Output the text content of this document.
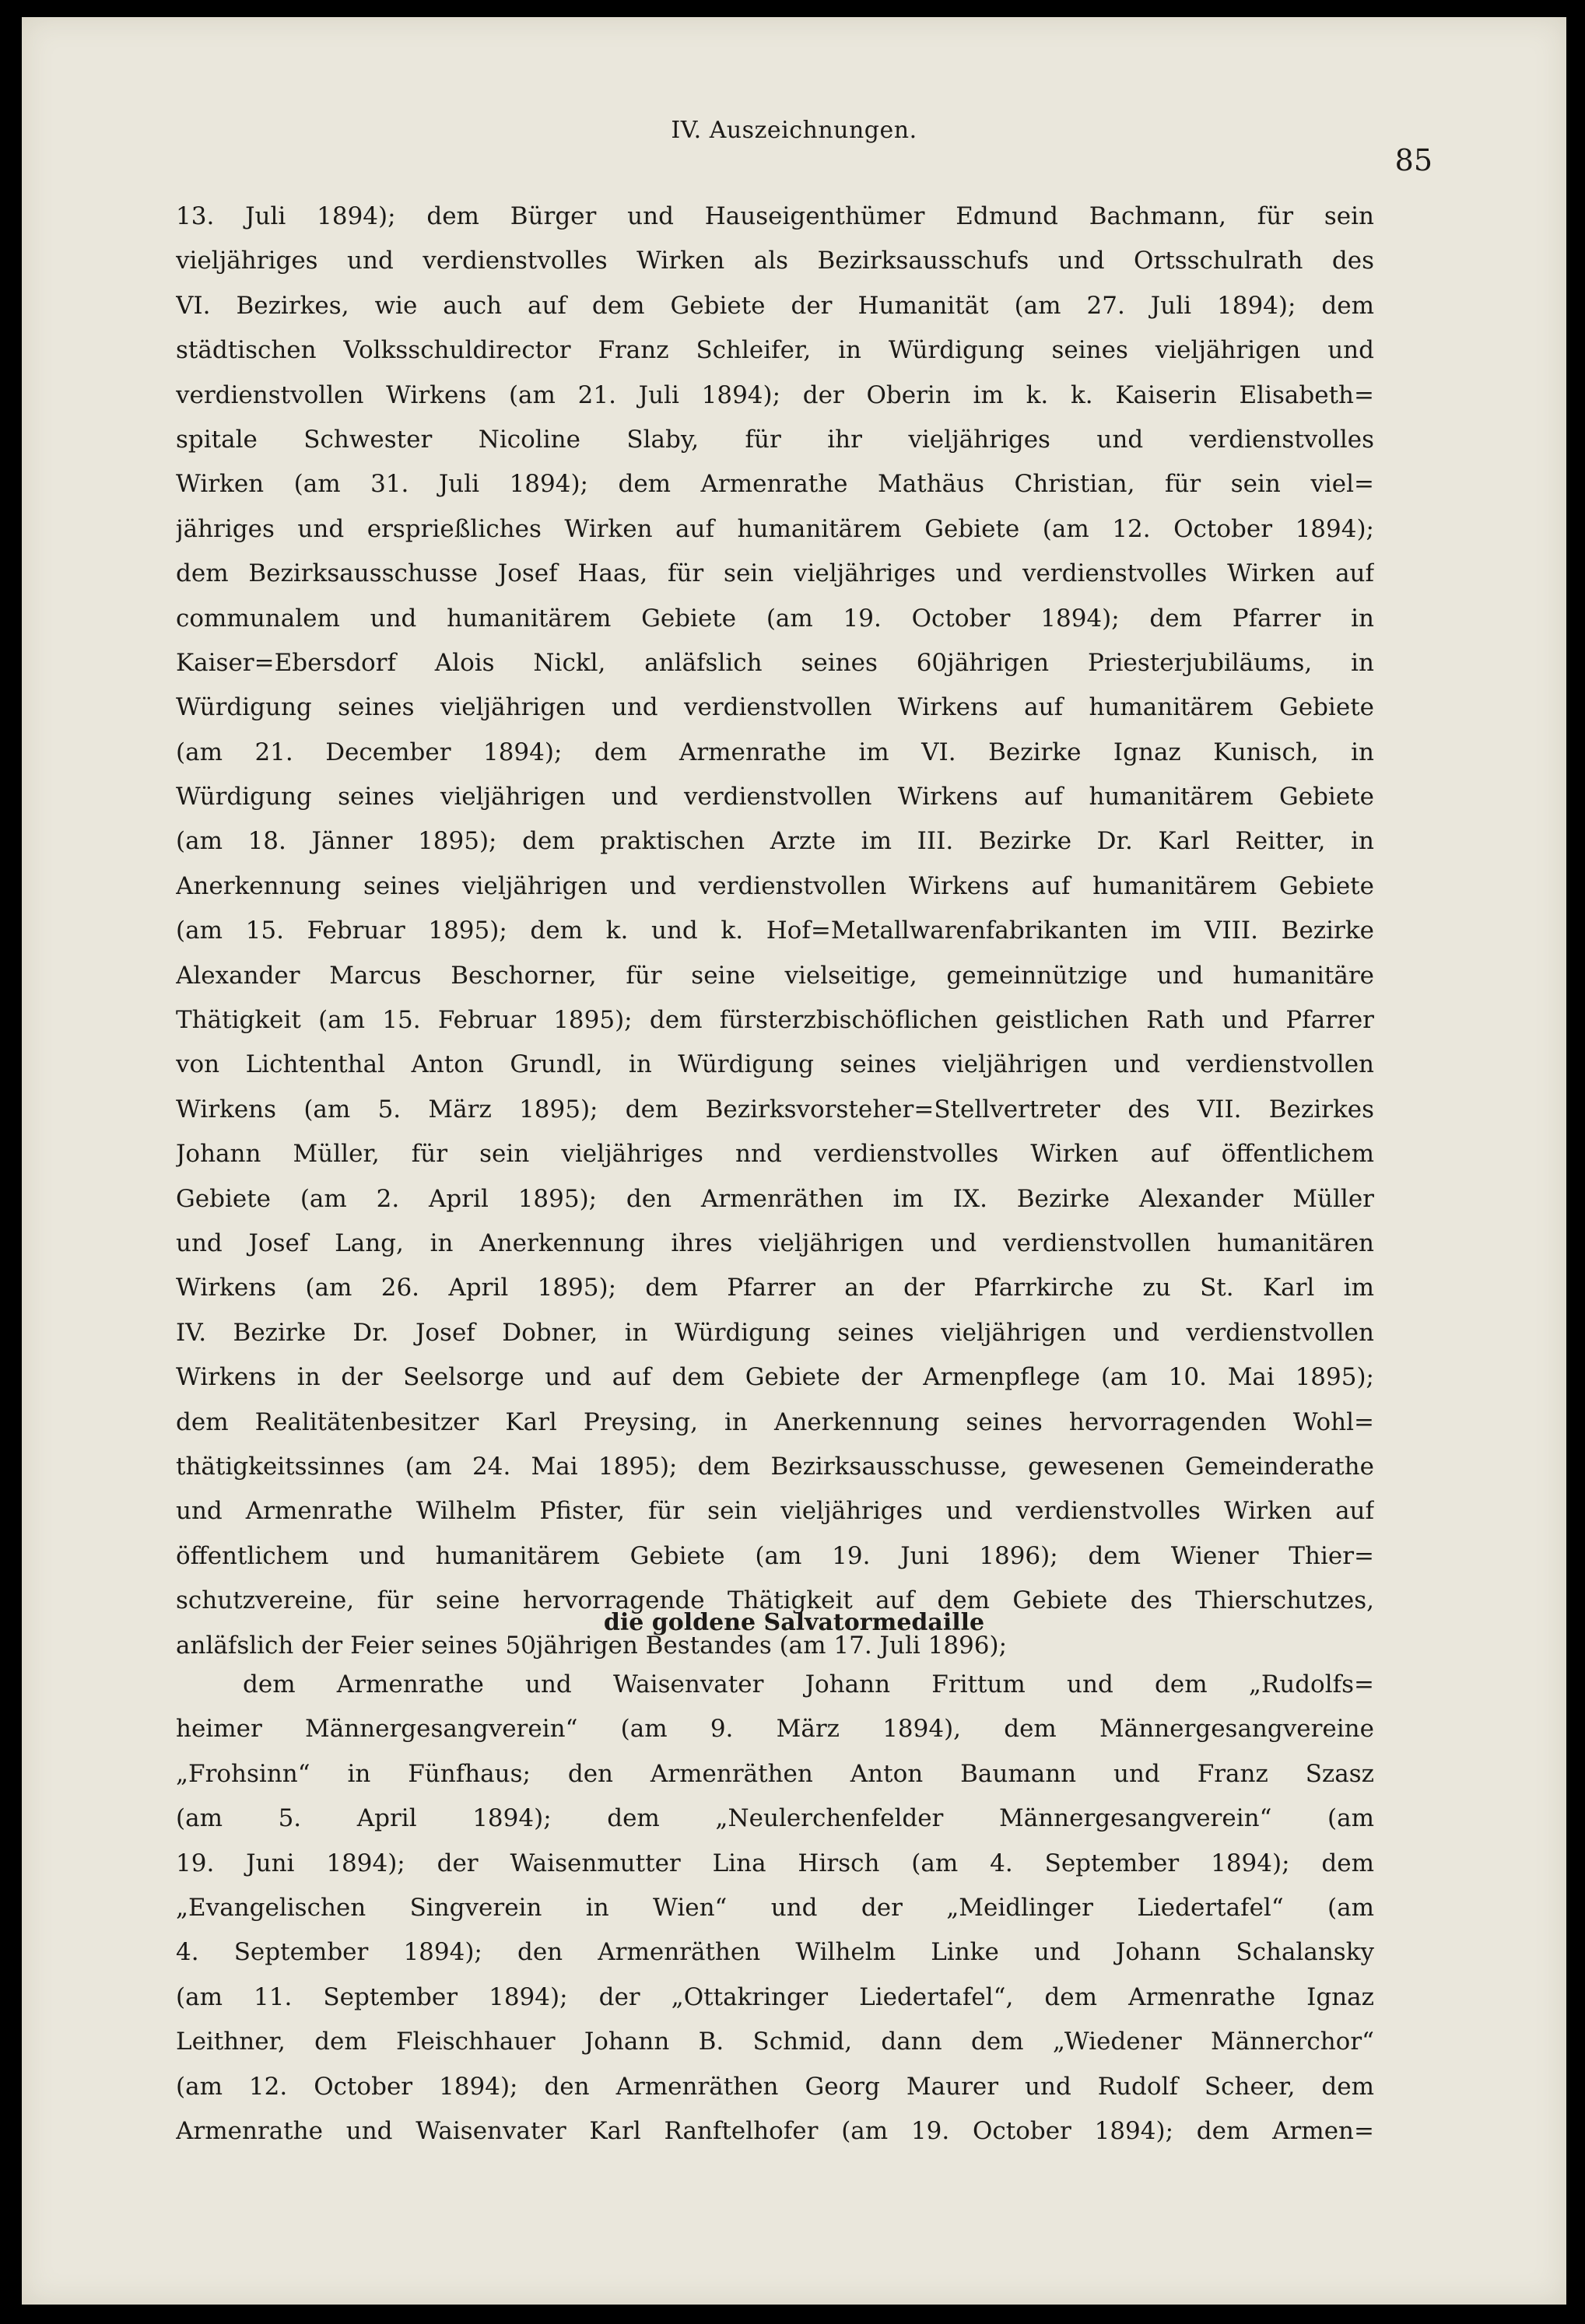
IV. Auszeichnungen.
85
13. Juli 1894); dem Bürger und Hauseigenthümer Edmund Bachmann, für sein
vieljähriges und verdienstvolles Wirken als Bezirksausschufs und Ortsschulrath des
VI. Bezirkes, wie auch auf dem Gebiete der Humanität (am 27. Juli 1894); dem
städtischen Volksschuldirector Franz Schleifer, in Würdigung seines vieljährigen und
verdienstvollen Wirkens (am 21. Juli 1894); der Oberin im k. k. Kaiserin Elisabeth=
spitale Schwester Nicoline Slaby, für ihr vieljähriges und verdienstvolles
Wirken (am 31. Juli 1894); dem Armenrathe Mathäus Christian, für sein viel=
jähriges und ersprießliches Wirken auf humanitärem Gebiete (am 12. October 1894);
dem Bezirksausschusse Josef Haas, für sein vieljähriges und verdienstvolles Wirken auf
communalem und humanitärem Gebiete (am 19. October 1894); dem Pfarrer in
Kaiser=Ebersdorf Alois Nickl, anläfslich seines 60jährigen Priesterjubiläums, in
Würdigung seines vieljährigen und verdienstvollen Wirkens auf humanitärem Gebiete
(am 21. December 1894); dem Armenrathe im VI. Bezirke Ignaz Kunisch, in
Würdigung seines vieljährigen und verdienstvollen Wirkens auf humanitärem Gebiete
(am 18. Jänner 1895); dem praktischen Arzte im III. Bezirke Dr. Karl Reitter, in
Anerkennung seines vieljährigen und verdienstvollen Wirkens auf humanitärem Gebiete
(am 15. Februar 1895); dem k. und k. Hof=Metallwarenfabrikanten im VIII. Bezirke
Alexander Marcus Beschorner, für seine vielseitige, gemeinnützige und humanitäre
Thätigkeit (am 15. Februar 1895); dem fürsterzbischöflichen geistlichen Rath und Pfarrer
von Lichtenthal Anton Grundl, in Würdigung seines vieljährigen und verdienstvollen
Wirkens (am 5. März 1895); dem Bezirksvorsteher=Stellvertreter des VII. Bezirkes
Johann Müller, für sein vieljähriges nnd verdienstvolles Wirken auf öffentlichem
Gebiete (am 2. April 1895); den Armenräthen im IX. Bezirke Alexander Müller
und Josef Lang, in Anerkennung ihres vieljährigen und verdienstvollen humanitären
Wirkens (am 26. April 1895); dem Pfarrer an der Pfarrkirche zu St. Karl im
IV. Bezirke Dr. Josef Dobner, in Würdigung seines vieljährigen und verdienstvollen
Wirkens in der Seelsorge und auf dem Gebiete der Armenpflege (am 10. Mai 1895);
dem Realitätenbesitzer Karl Preysing, in Anerkennung seines hervorragenden Wohl=
thätigkeitssinnes (am 24. Mai 1895); dem Bezirksausschusse, gewesenen Gemeinderathe
und Armenrathe Wilhelm Pfister, für sein vieljähriges und verdienstvolles Wirken auf
öffentlichem und humanitärem Gebiete (am 19. Juni 1896); dem Wiener Thier=
schutzvereine, für seine hervorragende Thätigkeit auf dem Gebiete des Thierschutzes,
anläfslich der Feier seines 50jährigen Bestandes (am 17. Juli 1896);
die goldene Salvatormedaille
dem Armenrathe und Waisenvater Johann Frittum und dem „Rudolfs=
heimer Männergesangverein“ (am 9. März 1894), dem Männergesangvereine
„Frohsinn“ in Fünfhaus; den Armenräthen Anton Baumann und Franz Szasz
(am 5. April 1894); dem „Neulerchenfelder Männergesangverein“ (am
19. Juni 1894); der Waisenmutter Lina Hirsch (am 4. September 1894); dem
„Evangelischen Singverein in Wien“ und der „Meidlinger Liedertafel“ (am
4. September 1894); den Armenräthen Wilhelm Linke und Johann Schalansky
(am 11. September 1894); der „Ottakringer Liedertafel“, dem Armenrathe Ignaz
Leithner, dem Fleischhauer Johann B. Schmid, dann dem „Wiedener Männerchor“
(am 12. October 1894); den Armenräthen Georg Maurer und Rudolf Scheer, dem
Armenrathe und Waisenvater Karl Ranftelhofer (am 19. October 1894); dem Armen=
